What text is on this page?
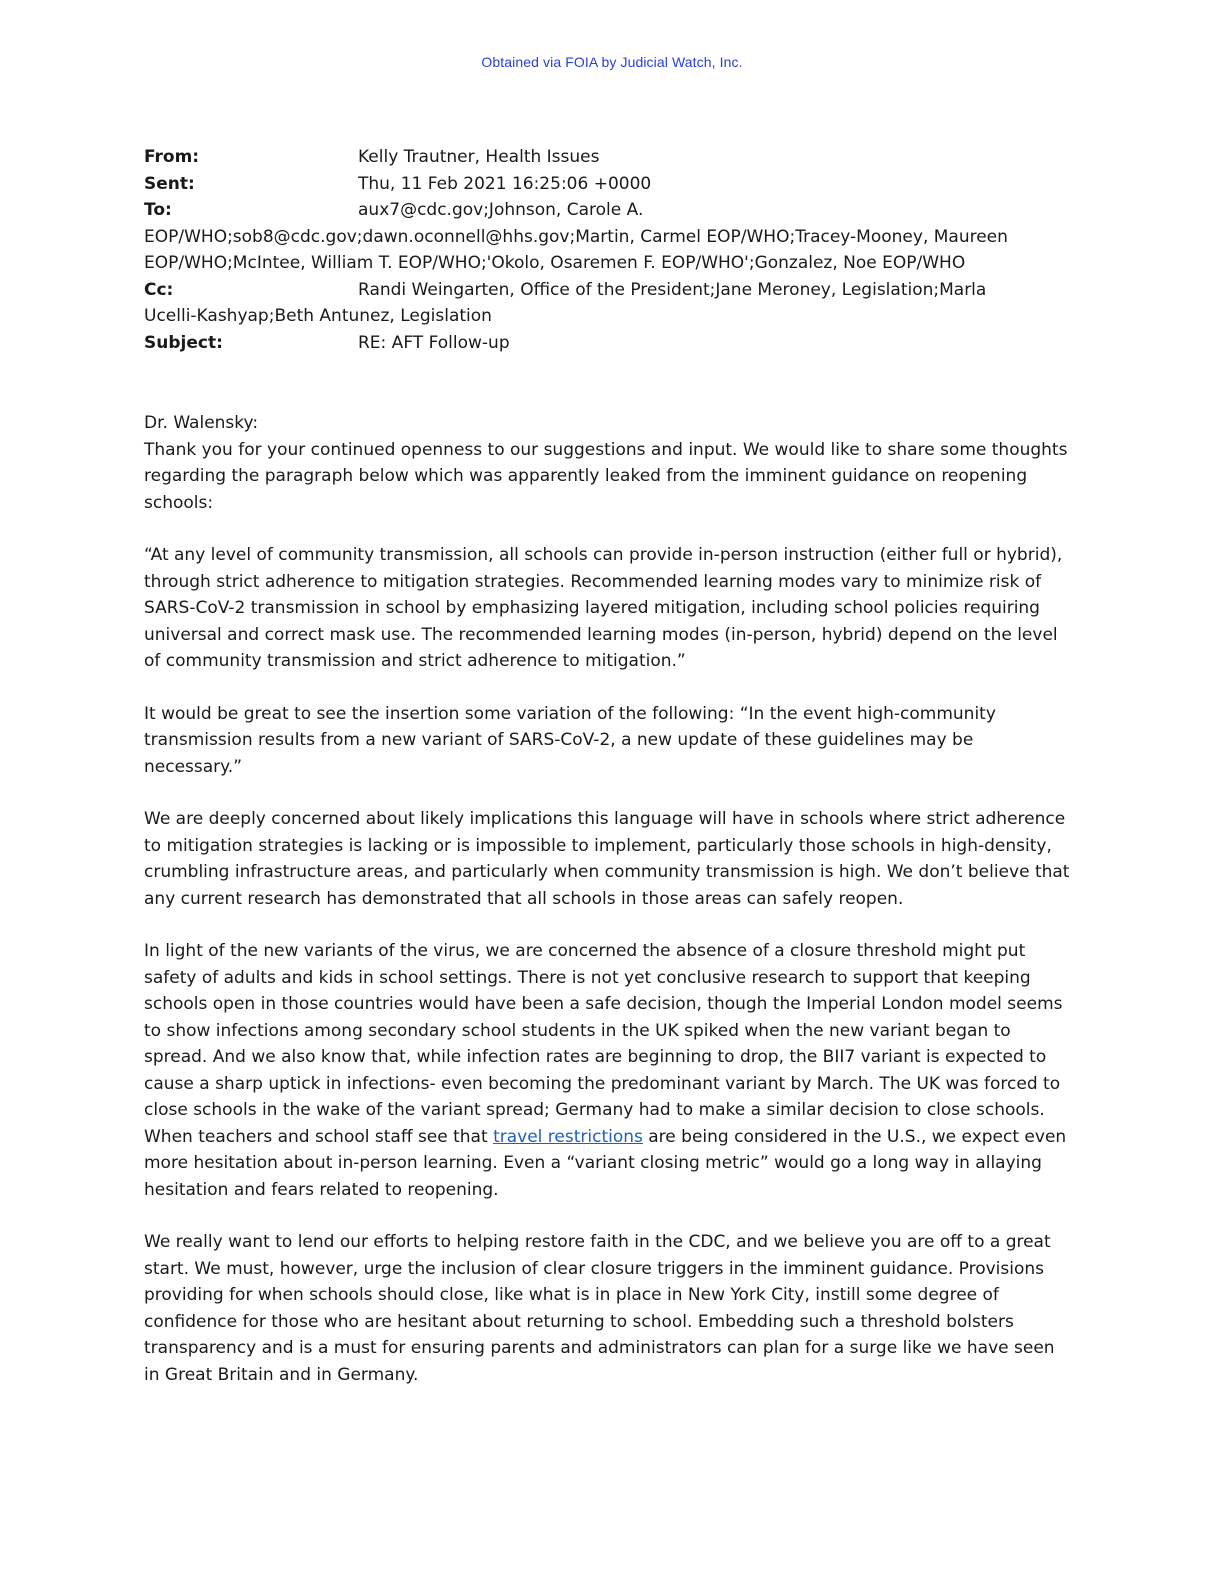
Obtained via FOIA by Judicial Watch, Inc.
From:	Kelly Trautner, Health Issues
Sent:	Thu, 11 Feb 2021 16:25:06 +0000
To:	aux7@cdc.gov;Johnson, Carole A.
EOP/WHO;sob8@cdc.gov;dawn.oconnell@hhs.gov;Martin, Carmel EOP/WHO;Tracey-Mooney, Maureen
EOP/WHO;McIntee, William T. EOP/WHO;'Okolo, Osaremen F. EOP/WHO';Gonzalez, Noe EOP/WHO
Cc:	Randi Weingarten, Office of the President;Jane Meroney, Legislation;Marla
Ucelli-Kashyap;Beth Antunez, Legislation
Subject:	RE: AFT Follow-up

Dr. Walensky:

Thank you for your continued openness to our suggestions and input. We would like to share some thoughts regarding the paragraph below which was apparently leaked from the imminent guidance on reopening schools:

“At any level of community transmission, all schools can provide in-person instruction (either full or hybrid), through strict adherence to mitigation strategies. Recommended learning modes vary to minimize risk of SARS-CoV-2 transmission in school by emphasizing layered mitigation, including school policies requiring universal and correct mask use. The recommended learning modes (in-person, hybrid) depend on the level of community transmission and strict adherence to mitigation.”

It would be great to see the insertion some variation of the following: “In the event high-community transmission results from a new variant of SARS-CoV-2, a new update of these guidelines may be necessary.”

We are deeply concerned about likely implications this language will have in schools where strict adherence to mitigation strategies is lacking or is impossible to implement, particularly those schools in high-density, crumbling infrastructure areas, and particularly when community transmission is high. We don’t believe that any current research has demonstrated that all schools in those areas can safely reopen.

In light of the new variants of the virus, we are concerned the absence of a closure threshold might put safety of adults and kids in school settings. There is not yet conclusive research to support that keeping schools open in those countries would have been a safe decision, though the Imperial London model seems to show infections among secondary school students in the UK spiked when the new variant began to spread. And we also know that, while infection rates are beginning to drop, the BII7 variant is expected to cause a sharp uptick in infections- even becoming the predominant variant by March. The UK was forced to close schools in the wake of the variant spread; Germany had to make a similar decision to close schools. When teachers and school staff see that travel restrictions are being considered in the U.S., we expect even more hesitation about in-person learning. Even a “variant closing metric” would go a long way in allaying hesitation and fears related to reopening.

We really want to lend our efforts to helping restore faith in the CDC, and we believe you are off to a great start. We must, however, urge the inclusion of clear closure triggers in the imminent guidance. Provisions providing for when schools should close, like what is in place in New York City, instill some degree of confidence for those who are hesitant about returning to school. Embedding such a threshold bolsters transparency and is a must for ensuring parents and administrators can plan for a surge like we have seen in Great Britain and in Germany.
